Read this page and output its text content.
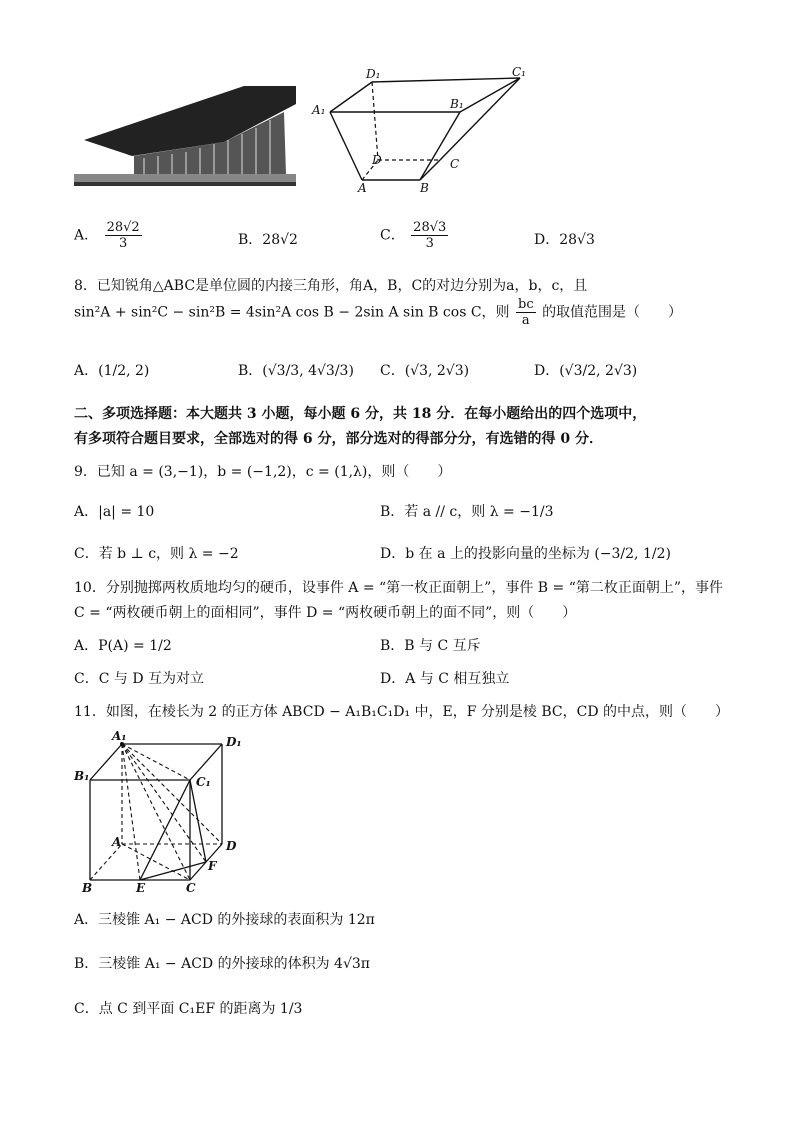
D₁	C₁
A₁	B₁
D	C
A	B
A． $\frac{28√2}{3}$	B．28√2	C． $\frac{28√3}{3}$	D．28√3
8．已知锐角△ABC是单位圆的内接三角形，角A，B，C的对边分别为a，b，c，且
sin²A + sin²C − sin²B = 4sin²A cos B − 2sin A sin B cos C，则 $\frac{bc}{a}$ 的取值范围是（　　）
A．(1/2, 2)	B．(√3/3, 4√3/3) C．(√3, 2√3)	D．(√3/2, 2√3)
二、多项选择题：本大题共 3 小题，每小题 6 分，共 18 分．在每小题给出的四个选项中，
有多项符合题目要求，全部选对的得 6 分，部分选对的得部分分，有选错的得 0 分．
9．已知 a = (3,−1)，b = (−1,2)，c = (1,λ)，则（　　）
A．|a| = 10	B．若 a // c，则 λ = −1/3
C．若 b ⊥ c，则 λ = −2	D．b 在 a 上的投影向量的坐标为 (−3/2, 1/2)
10．分别抛掷两枚质地均匀的硬币，设事件 A = “第一枚正面朝上”，事件 B = “第二枚正面朝上”，事件
C = “两枚硬币朝上的面相同”，事件 D = “两枚硬币朝上的面不同”，则（　　）
A．P(A) = 1/2	B．B 与 C 互斥
C．C 与 D 互为对立	D．A 与 C 相互独立
11．如图，在棱长为 2 的正方体 ABCD − A₁B₁C₁D₁ 中，E，F 分别是棱 BC，CD 的中点，则（　　）
A₁	D₁
B₁	C₁
A	D
F
B	E	C
A．三棱锥 A₁ − ACD 的外接球的表面积为 12π
B．三棱锥 A₁ − ACD 的外接球的体积为 4√3π
C．点 C 到平面 C₁EF 的距离为 1/3
